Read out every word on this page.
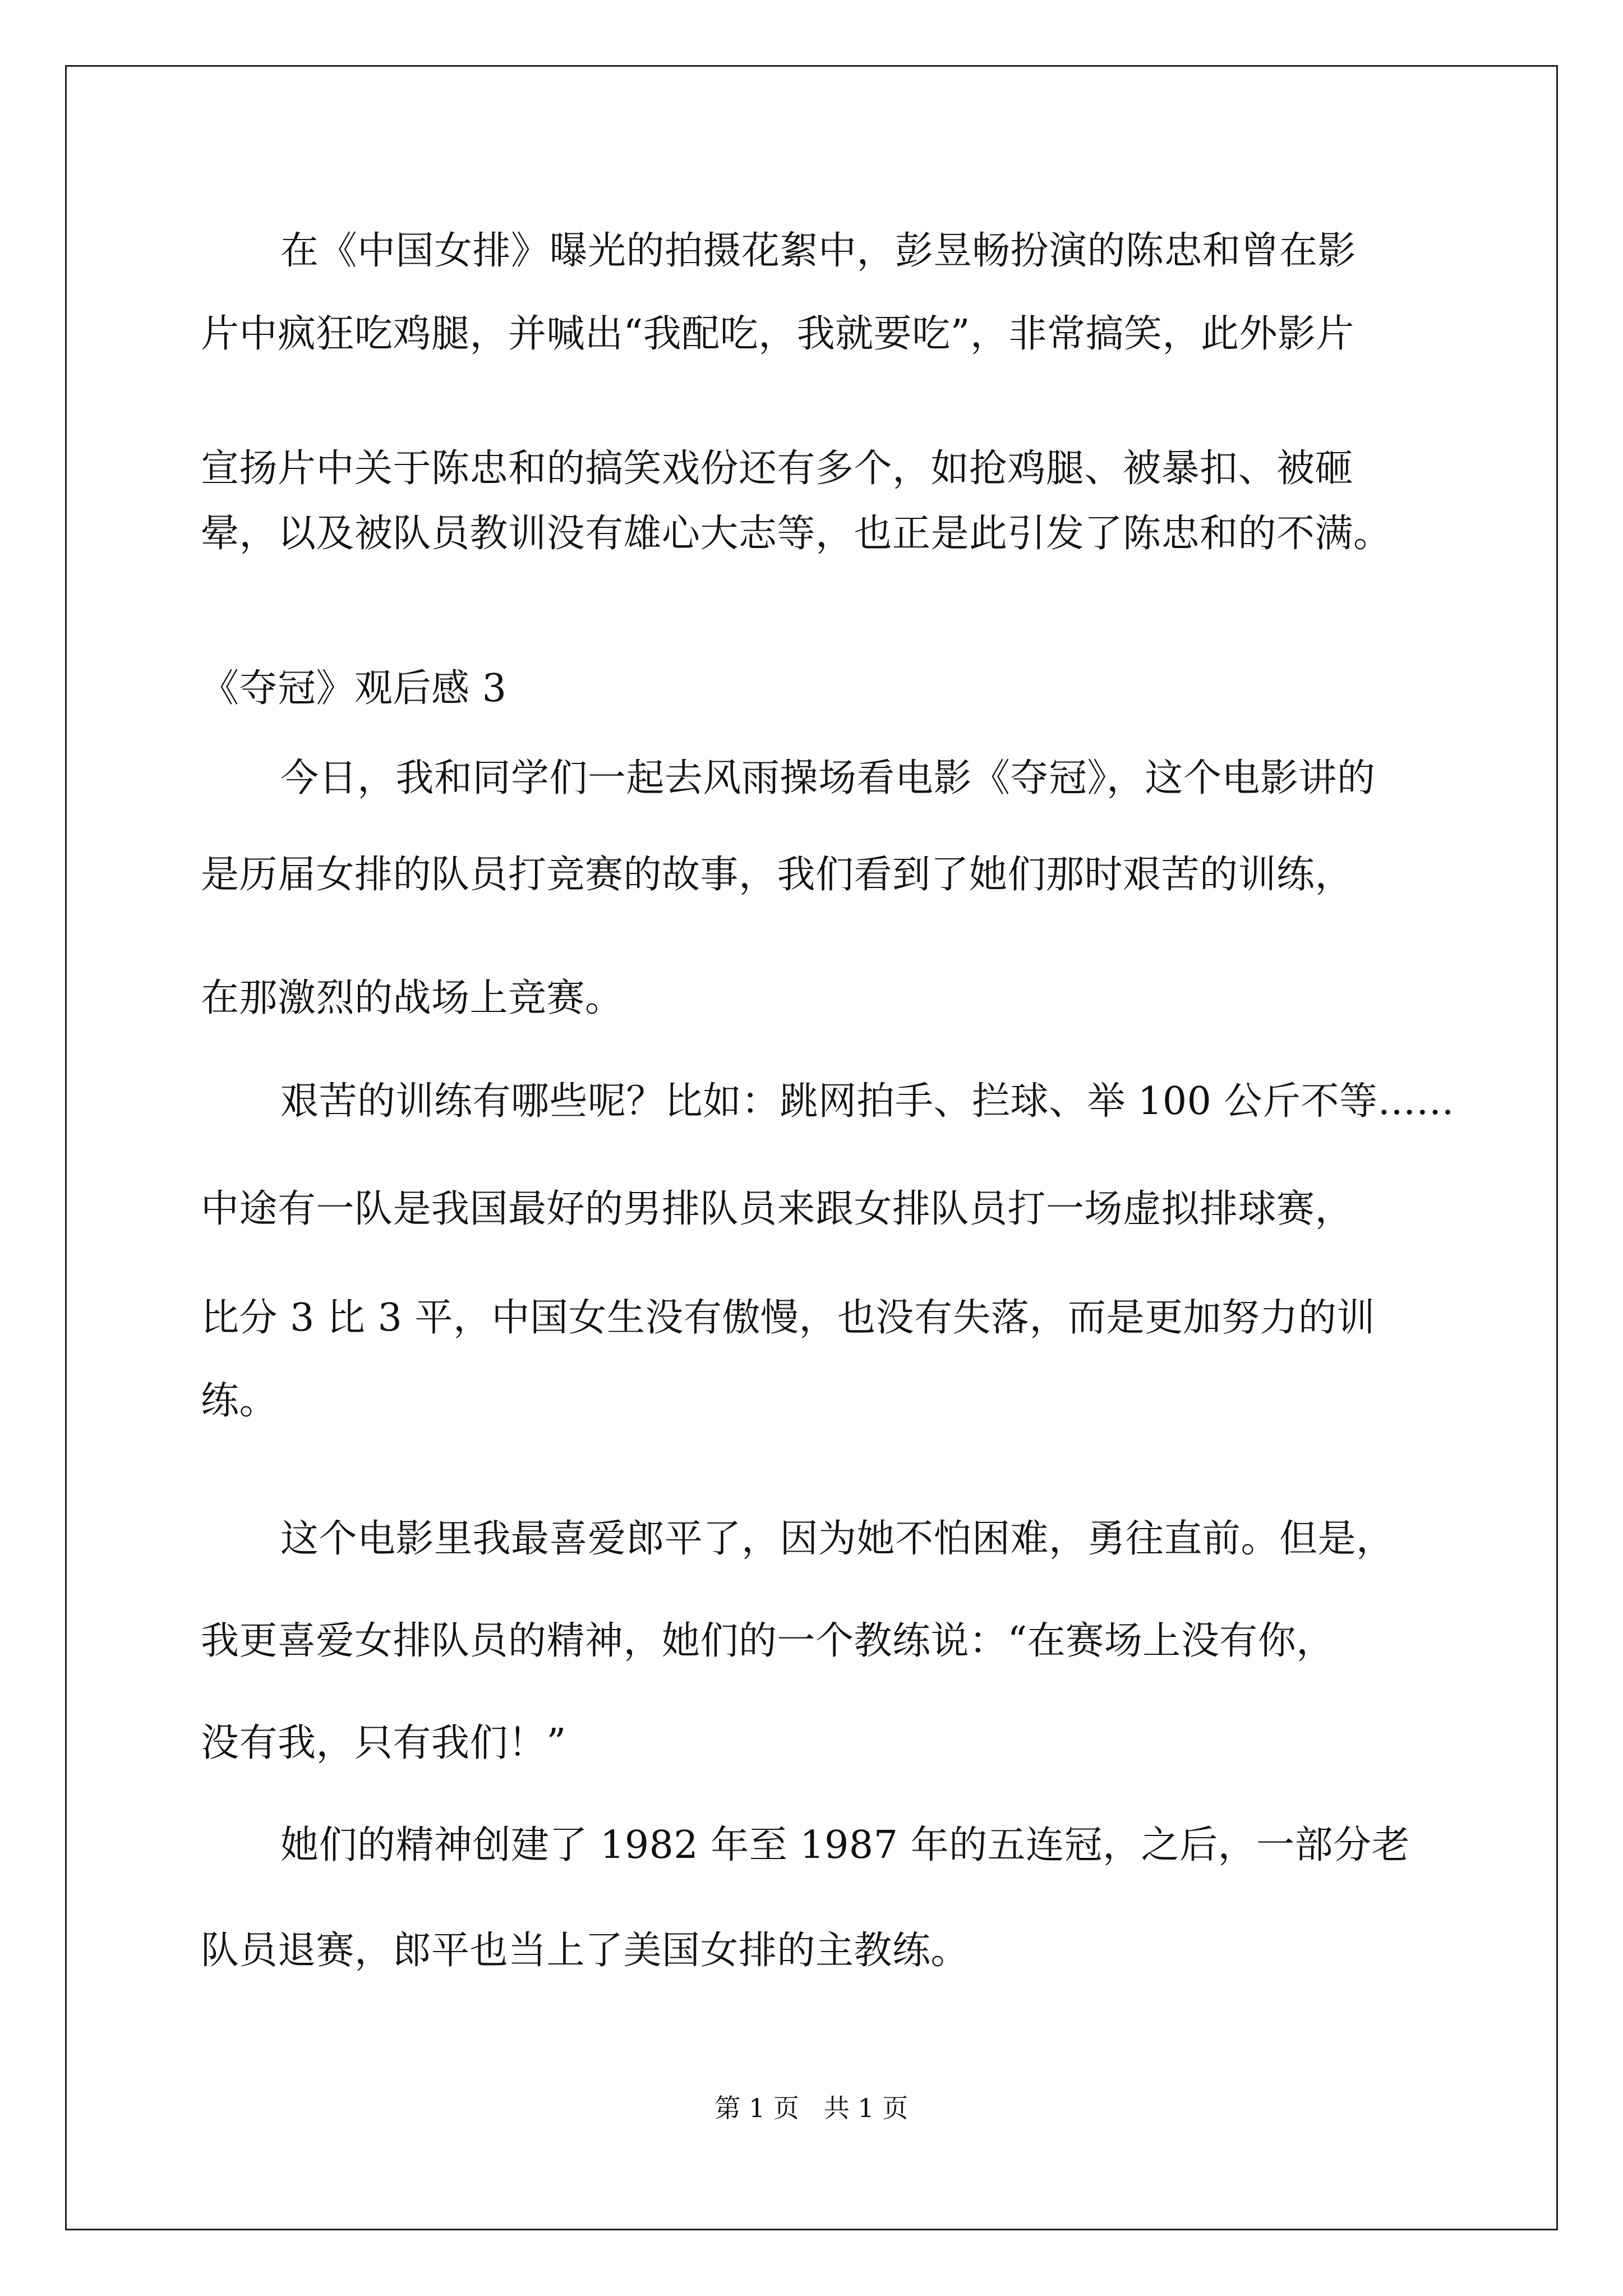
在《中国女排》曝光的拍摄花絮中，彭昱畅扮演的陈忠和曾在影
片中疯狂吃鸡腿，并喊出“我配吃，我就要吃”，非常搞笑，此外影片
宣扬片中关于陈忠和的搞笑戏份还有多个，如抢鸡腿、被暴扣、被砸
晕，以及被队员教训没有雄心大志等，也正是此引发了陈忠和的不满。
《夺冠》观后感 3
今日，我和同学们一起去风雨操场看电影《夺冠》，这个电影讲的
是历届女排的队员打竞赛的故事，我们看到了她们那时艰苦的训练，
在那激烈的战场上竞赛。
艰苦的训练有哪些呢？比如：跳网拍手、拦球、举 100 公斤不等……
中途有一队是我国最好的男排队员来跟女排队员打一场虚拟排球赛，
比分 3 比 3 平，中国女生没有傲慢，也没有失落，而是更加努力的训
练。
这个电影里我最喜爱郎平了，因为她不怕困难，勇往直前。但是，
我更喜爱女排队员的精神，她们的一个教练说：“在赛场上没有你，
没有我，只有我们！”
她们的精神创建了 1982 年至 1987 年的五连冠，之后，一部分老
队员退赛，郎平也当上了美国女排的主教练。
第 1 页   共 1 页
